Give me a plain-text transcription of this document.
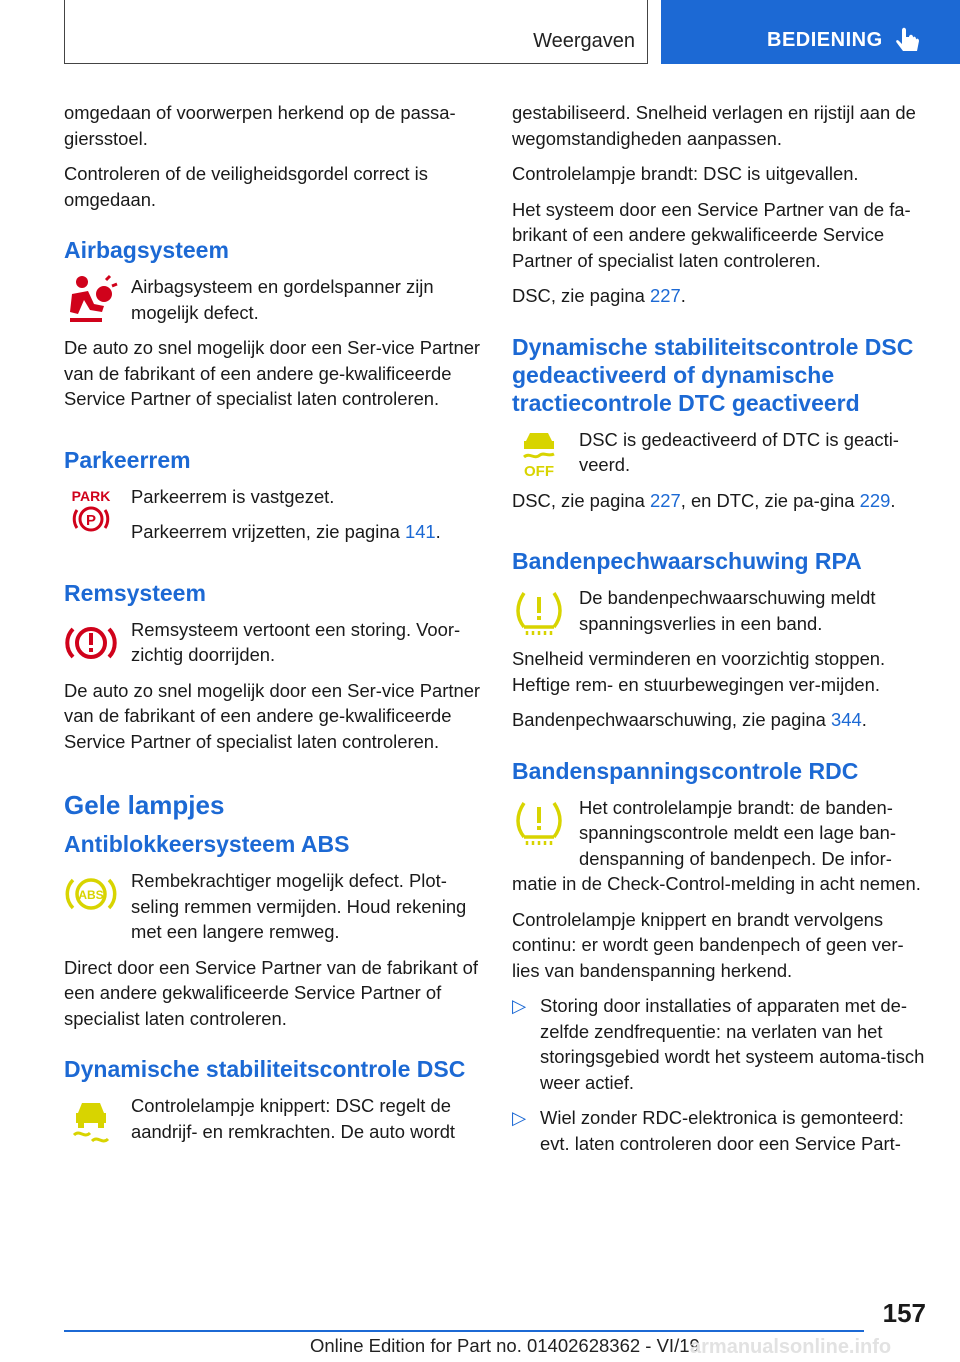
Weergaven	BEDIENING

omgedaan of voorwerpen herkend op de passa‐giersstoel.

Controleren of de veiligheidsgordel correct is omgedaan.

Airbagsysteem

Airbagsysteem en gordelspanner zijn mogelijk defect.

De auto zo snel mogelijk door een Ser‐vice Partner van de fabrikant of een andere ge‐kwalificeerde Service Partner of specialist laten controleren.

Parkeerrem
PARK
P

Parkeerrem is vastgezet.

Parkeerrem vrijzetten, zie pagina 141.

Remsysteem

Remsysteem vertoont een storing. Voor‐zichtig doorrijden.

De auto zo snel mogelijk door een Ser‐vice Partner van de fabrikant of een andere ge‐kwalificeerde Service Partner of specialist laten controleren.

Gele lampjes
Antiblokkeersysteem ABS
ABS

Rembekrachtiger mogelijk defect. Plot‐seling remmen vermijden. Houd rekening met een langere remweg.

Direct door een Service Partner van de fabrikant of een andere gekwalificeerde Service Partner of specialist laten controleren.

Dynamische stabiliteitscontrole DSC

Controlelampje knippert: DSC regelt de aandrijf- en remkrachten. De auto wordt

gestabiliseerd. Snelheid verlagen en rijstijl aan de wegomstandigheden aanpassen.

Controlelampje brandt: DSC is uitgevallen.

Het systeem door een Service Partner van de fa‐brikant of een andere gekwalificeerde Service Partner of specialist laten controleren.

DSC, zie pagina 227.

Dynamische stabiliteitscontrole DSC gedeactiveerd of dynamische tractiecontrole DTC geactiveerd
OFF

DSC is gedeactiveerd of DTC is geacti‐veerd.

DSC, zie pagina 227, en DTC, zie pa‐gina 229.

Bandenpechwaarschuwing RPA

De bandenpechwaarschuwing meldt spanningsverlies in een band.

Snelheid verminderen en voorzichtig stoppen. Heftige rem- en stuurbewegingen ver‐mijden.

Bandenpechwaarschuwing, zie pagina 344.

Bandenspanningscontrole RDC

Het controlelampje brandt: de banden‐spanningscontrole meldt een lage ban‐denspanning of bandenpech. De infor‐matie in de Check-Control-melding in acht nemen.

Controlelampje knippert en brandt vervolgens continu: er wordt geen bandenpech of geen ver‐lies van bandenspanning herkend.

▷ Storing door installaties of apparaten met de‐zelfde zendfrequentie: na verlaten van het storingsgebied wordt het systeem automa‐tisch weer actief.

▷ Wiel zonder RDC-elektronica is gemonteerd: evt. laten controleren door een Service Part‐

157
Online Edition for Part no. 01402628362 - VI/19
armanualsonline.info
